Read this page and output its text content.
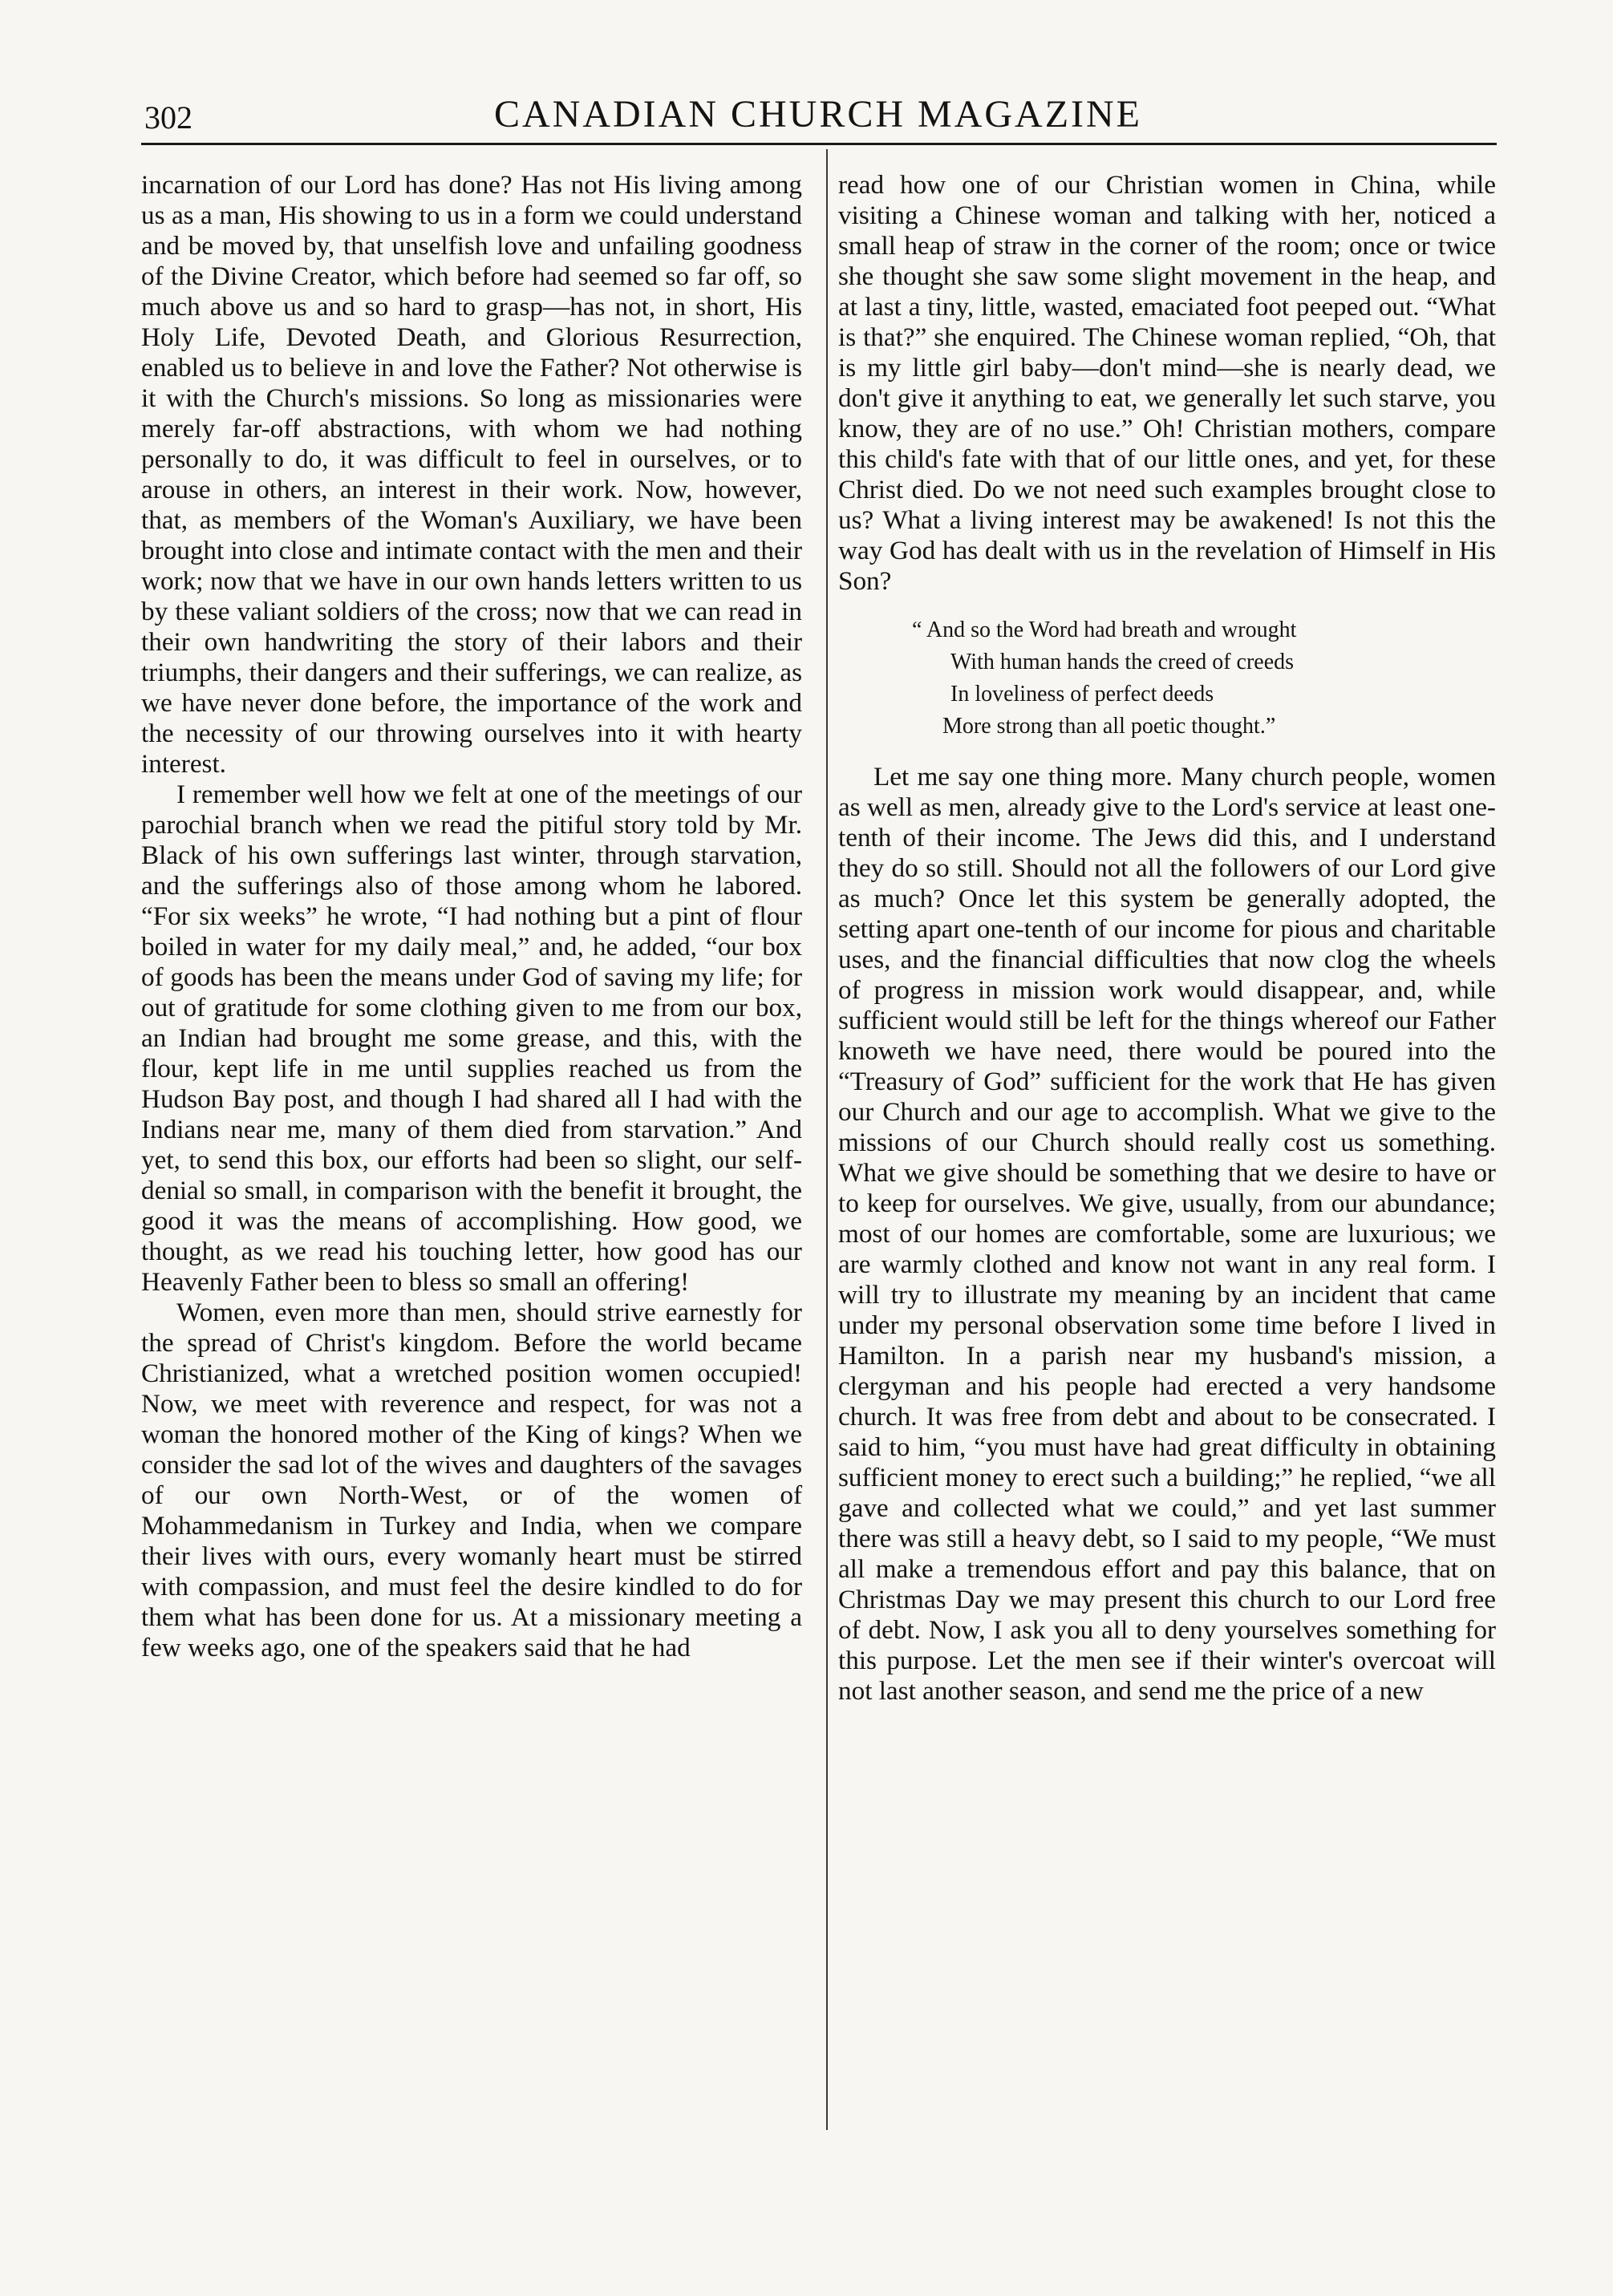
302	CANADIAN CHURCH MAGAZINE

incarnation of our Lord has done? Has not His living among us as a man, His showing to us in a form we could understand and be moved by, that unselfish love and unfailing goodness of the Divine Creator, which before had seemed so far off, so much above us and so hard to grasp—has not, in short, His Holy Life, Devoted Death, and Glorious Resurrection, enabled us to believe in and love the Father? Not otherwise is it with the Church's missions. So long as missionaries were merely far-off abstractions, with whom we had nothing personally to do, it was difficult to feel in ourselves, or to arouse in others, an interest in their work. Now, however, that, as members of the Woman's Auxiliary, we have been brought into close and intimate contact with the men and their work; now that we have in our own hands letters written to us by these valiant soldiers of the cross; now that we can read in their own handwriting the story of their labors and their triumphs, their dangers and their sufferings, we can realize, as we have never done before, the importance of the work and the necessity of our throwing ourselves into it with hearty interest.

I remember well how we felt at one of the meetings of our parochial branch when we read the pitiful story told by Mr. Black of his own sufferings last winter, through starvation, and the sufferings also of those among whom he labored. “For six weeks” he wrote, “I had nothing but a pint of flour boiled in water for my daily meal,” and, he added, “our box of goods has been the means under God of saving my life; for out of gratitude for some clothing given to me from our box, an Indian had brought me some grease, and this, with the flour, kept life in me until supplies reached us from the Hudson Bay post, and though I had shared all I had with the Indians near me, many of them died from starvation.” And yet, to send this box, our efforts had been so slight, our self-denial so small, in comparison with the benefit it brought, the good it was the means of accomplishing. How good, we thought, as we read his touching letter, how good has our Heavenly Father been to bless so small an offering!

Women, even more than men, should strive earnestly for the spread of Christ's kingdom. Before the world became Christianized, what a wretched position women occupied! Now, we meet with reverence and respect, for was not a woman the honored mother of the King of kings? When we consider the sad lot of the wives and daughters of the savages of our own North-West, or of the women of Mohammedanism in Turkey and India, when we compare their lives with ours, every womanly heart must be stirred with compassion, and must feel the desire kindled to do for them what has been done for us. At a missionary meeting a few weeks ago, one of the speakers said that he had

read how one of our Christian women in China, while visiting a Chinese woman and talking with her, noticed a small heap of straw in the corner of the room; once or twice she thought she saw some slight movement in the heap, and at last a tiny, little, wasted, emaciated foot peeped out. “What is that?” she enquired. The Chinese woman replied, “Oh, that is my little girl baby—don't mind—she is nearly dead, we don't give it anything to eat, we generally let such starve, you know, they are of no use.” Oh! Christian mothers, compare this child's fate with that of our little ones, and yet, for these Christ died. Do we not need such examples brought close to us? What a living interest may be awakened! Is not this the way God has dealt with us in the revelation of Himself in His Son?

“ And so the Word had breath and wrought
With human hands the creed of creeds
In loveliness of perfect deeds
More strong than all poetic thought.”

Let me say one thing more. Many church people, women as well as men, already give to the Lord's service at least one-tenth of their income. The Jews did this, and I understand they do so still. Should not all the followers of our Lord give as much? Once let this system be generally adopted, the setting apart one-tenth of our income for pious and charitable uses, and the financial difficulties that now clog the wheels of progress in mission work would disappear, and, while sufficient would still be left for the things whereof our Father knoweth we have need, there would be poured into the “Treasury of God” sufficient for the work that He has given our Church and our age to accomplish. What we give to the missions of our Church should really cost us something. What we give should be something that we desire to have or to keep for ourselves. We give, usually, from our abundance; most of our homes are comfortable, some are luxurious; we are warmly clothed and know not want in any real form. I will try to illustrate my meaning by an incident that came under my personal observation some time before I lived in Hamilton. In a parish near my husband's mission, a clergyman and his people had erected a very handsome church. It was free from debt and about to be consecrated. I said to him, “you must have had great difficulty in obtaining sufficient money to erect such a building;” he replied, “we all gave and collected what we could,” and yet last summer there was still a heavy debt, so I said to my people, “We must all make a tremendous effort and pay this balance, that on Christmas Day we may present this church to our Lord free of debt. Now, I ask you all to deny yourselves something for this purpose. Let the men see if their winter's overcoat will not last another season, and send me the price of a new
